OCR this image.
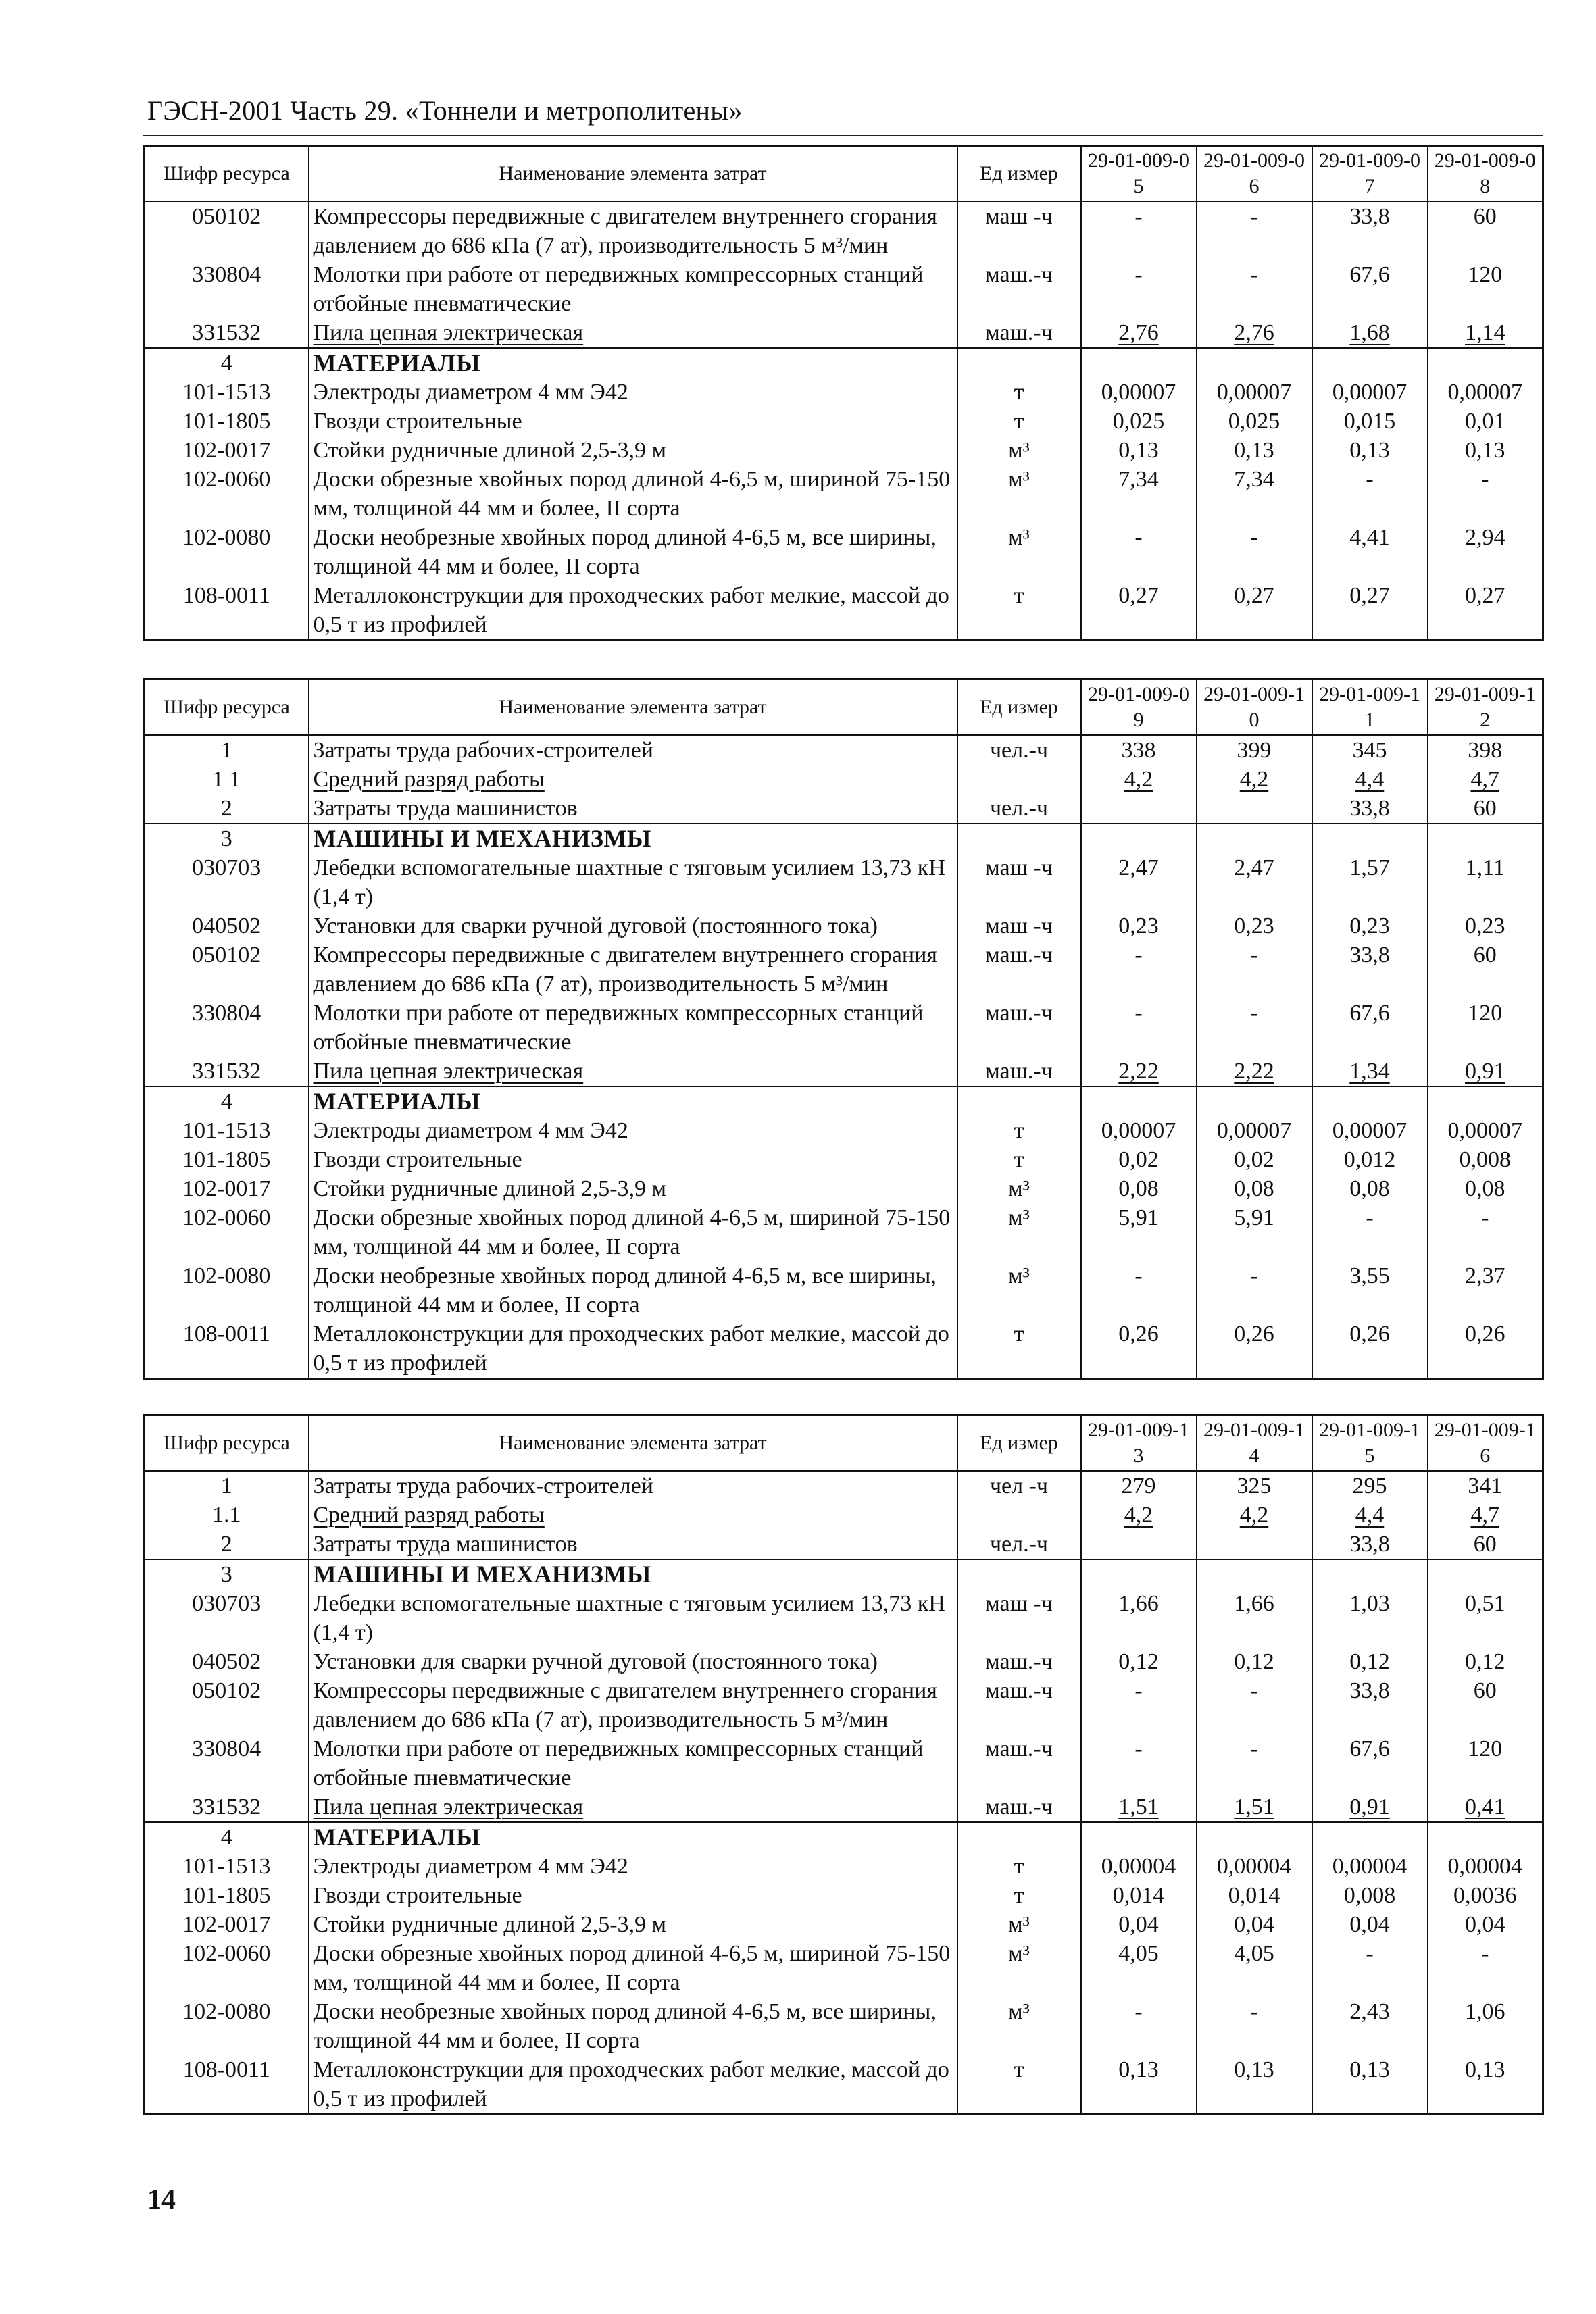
ГЭСН-2001 Часть 29. «Тоннели и метрополитены»
Шифр ресурса	Наименование элемента затрат	Ед измер	29-01-009-05	29-01-009-06	29-01-009-07	29-01-009-08
050102	Компрессоры передвижные с двигателем внутреннего сгорания давлением до 686 кПа (7 ат), производительность 5 м³/мин	маш -ч	-	-	33,8	60
330804	Молотки при работе от передвижных компрессорных станций отбойные пневматические	маш.-ч	-	-	67,6	120
331532	Пила цепная электрическая	маш.-ч	2,76	2,76	1,68	1,14
4	МАТЕРИАЛЫ					
101-1513	Электроды диаметром 4 мм Э42	т	0,00007	0,00007	0,00007	0,00007
101-1805	Гвозди строительные	т	0,025	0,025	0,015	0,01
102-0017	Стойки рудничные длиной 2,5-3,9 м	м³	0,13	0,13	0,13	0,13
102-0060	Доски обрезные хвойных пород длиной 4-6,5 м, шириной 75-150 мм, толщиной 44 мм и более, II сорта	м³	7,34	7,34	-	-
102-0080	Доски необрезные хвойных пород длиной 4-6,5 м, все ширины, толщиной 44 мм и более, II сорта	м³	-	-	4,41	2,94
108-0011	Металлоконструкции для проходческих работ мелкие, массой до 0,5 т из профилей	т	0,27	0,27	0,27	0,27
Шифр ресурса	Наименование элемента затрат	Ед измер	29-01-009-09	29-01-009-10	29-01-009-11	29-01-009-12
1	Затраты труда рабочих-строителей	чел.-ч	338	399	345	398
1 1	Средний разряд работы		4,2	4,2	4,4	4,7
2	Затраты труда машинистов	чел.-ч			33,8	60
3	МАШИНЫ И МЕХАНИЗМЫ					
030703	Лебедки вспомогательные шахтные с тяговым усилием 13,73 кН (1,4 т)	маш -ч	2,47	2,47	1,57	1,11
040502	Установки для сварки ручной дуговой (постоянного тока)	маш -ч	0,23	0,23	0,23	0,23
050102	Компрессоры передвижные с двигателем внутреннего сгорания давлением до 686 кПа (7 ат), производительность 5 м³/мин	маш.-ч	-	-	33,8	60
330804	Молотки при работе от передвижных компрессорных станций отбойные пневматические	маш.-ч	-	-	67,6	120
331532	Пила цепная электрическая	маш.-ч	2,22	2,22	1,34	0,91
4	МАТЕРИАЛЫ					
101-1513	Электроды диаметром 4 мм Э42	т	0,00007	0,00007	0,00007	0,00007
101-1805	Гвозди строительные	т	0,02	0,02	0,012	0,008
102-0017	Стойки рудничные длиной 2,5-3,9 м	м³	0,08	0,08	0,08	0,08
102-0060	Доски обрезные хвойных пород длиной 4-6,5 м, шириной 75-150 мм, толщиной 44 мм и более, II сорта	м³	5,91	5,91	-	-
102-0080	Доски необрезные хвойных пород длиной 4-6,5 м, все ширины, толщиной 44 мм и более, II сорта	м³	-	-	3,55	2,37
108-0011	Металлоконструкции для проходческих работ мелкие, массой до 0,5 т из профилей	т	0,26	0,26	0,26	0,26
Шифр ресурса	Наименование элемента затрат	Ед измер	29-01-009-13	29-01-009-14	29-01-009-15	29-01-009-16
1	Затраты труда рабочих-строителей	чел -ч	279	325	295	341
1.1	Средний разряд работы		4,2	4,2	4,4	4,7
2	Затраты труда машинистов	чел.-ч			33,8	60
3	МАШИНЫ И МЕХАНИЗМЫ					
030703	Лебедки вспомогательные шахтные с тяговым усилием 13,73 кН (1,4 т)	маш -ч	1,66	1,66	1,03	0,51
040502	Установки для сварки ручной дуговой (постоянного тока)	маш.-ч	0,12	0,12	0,12	0,12
050102	Компрессоры передвижные с двигателем внутреннего сгорания давлением до 686 кПа (7 ат), производительность 5 м³/мин	маш.-ч	-	-	33,8	60
330804	Молотки при работе от передвижных компрессорных станций отбойные пневматические	маш.-ч	-	-	67,6	120
331532	Пила цепная электрическая	маш.-ч	1,51	1,51	0,91	0,41
4	МАТЕРИАЛЫ					
101-1513	Электроды диаметром 4 мм Э42	т	0,00004	0,00004	0,00004	0,00004
101-1805	Гвозди строительные	т	0,014	0,014	0,008	0,0036
102-0017	Стойки рудничные длиной 2,5-3,9 м	м³	0,04	0,04	0,04	0,04
102-0060	Доски обрезные хвойных пород длиной 4-6,5 м, шириной 75-150 мм, толщиной 44 мм и более, II сорта	м³	4,05	4,05	-	-
102-0080	Доски необрезные хвойных пород длиной 4-6,5 м, все ширины, толщиной 44 мм и более, II сорта	м³	-	-	2,43	1,06
108-0011	Металлоконструкции для проходческих работ мелкие, массой до 0,5 т из профилей	т	0,13	0,13	0,13	0,13
14
